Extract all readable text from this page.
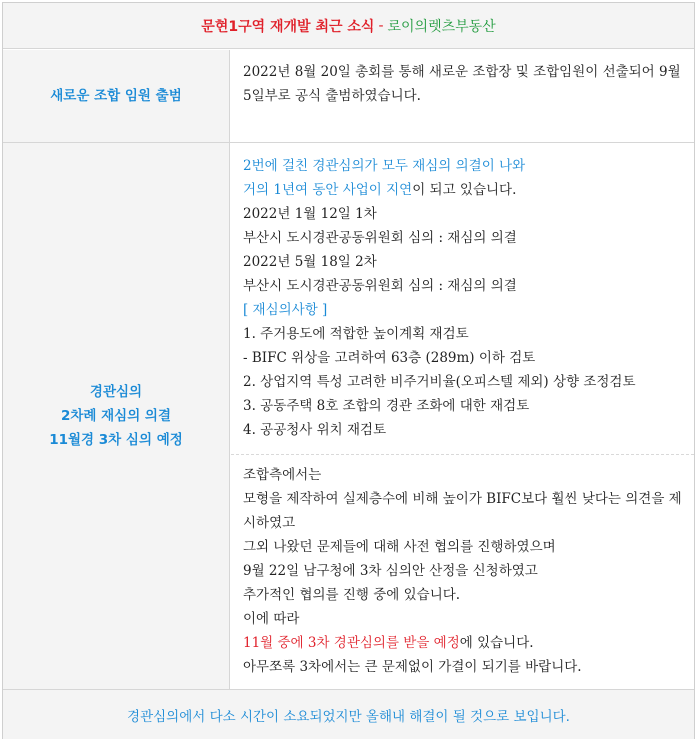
문현1구역 재개발 최근 소식 - 로이의렛츠부동산
새로운 조합 임원 출범
2022년 8월 20일 총회를 통해 새로운 조합장 및 조합임원이 선출되어 9월 5일부로 공식 출범하였습니다.
경관심의
2차례 재심의 의결
11월경 3차 심의 예정
2번에 걸친 경관심의가 모두 재심의 의결이 나와
거의 1년여 동안 사업이 지연이 되고 있습니다.
2022년 1월 12일 1차
부산시 도시경관공동위원회 심의 : 재심의 의결
2022년 5월 18일 2차
부산시 도시경관공동위원회 심의 : 재심의 의결
[ 재심의사항 ]
1. 주거용도에 적합한 높이계획 재검토
- BIFC 위상을 고려하여 63층 (289m) 이하 검토
2. 상업지역 특성 고려한 비주거비율(오피스텔 제외) 상향 조정검토
3. 공동주택 8호 조합의 경관 조화에 대한 재검토
4. 공공청사 위치 재검토
조합측에서는
모형을 제작하여 실제층수에 비해 높이가 BIFC보다 훨씬 낮다는 의견을 제시하였고
그외 나왔던 문제들에 대해 사전 협의를 진행하였으며
9월 22일 남구청에 3차 심의안 산정을 신청하였고
추가적인 협의를 진행 중에 있습니다.
이에 따라
11월 중에 3차 경관심의를 받을 예정에 있습니다.
아무쪼록 3차에서는 큰 문제없이 가결이 되기를 바랍니다.
경관심의에서 다소 시간이 소요되었지만 올해내 해결이 될 것으로 보입니다.
